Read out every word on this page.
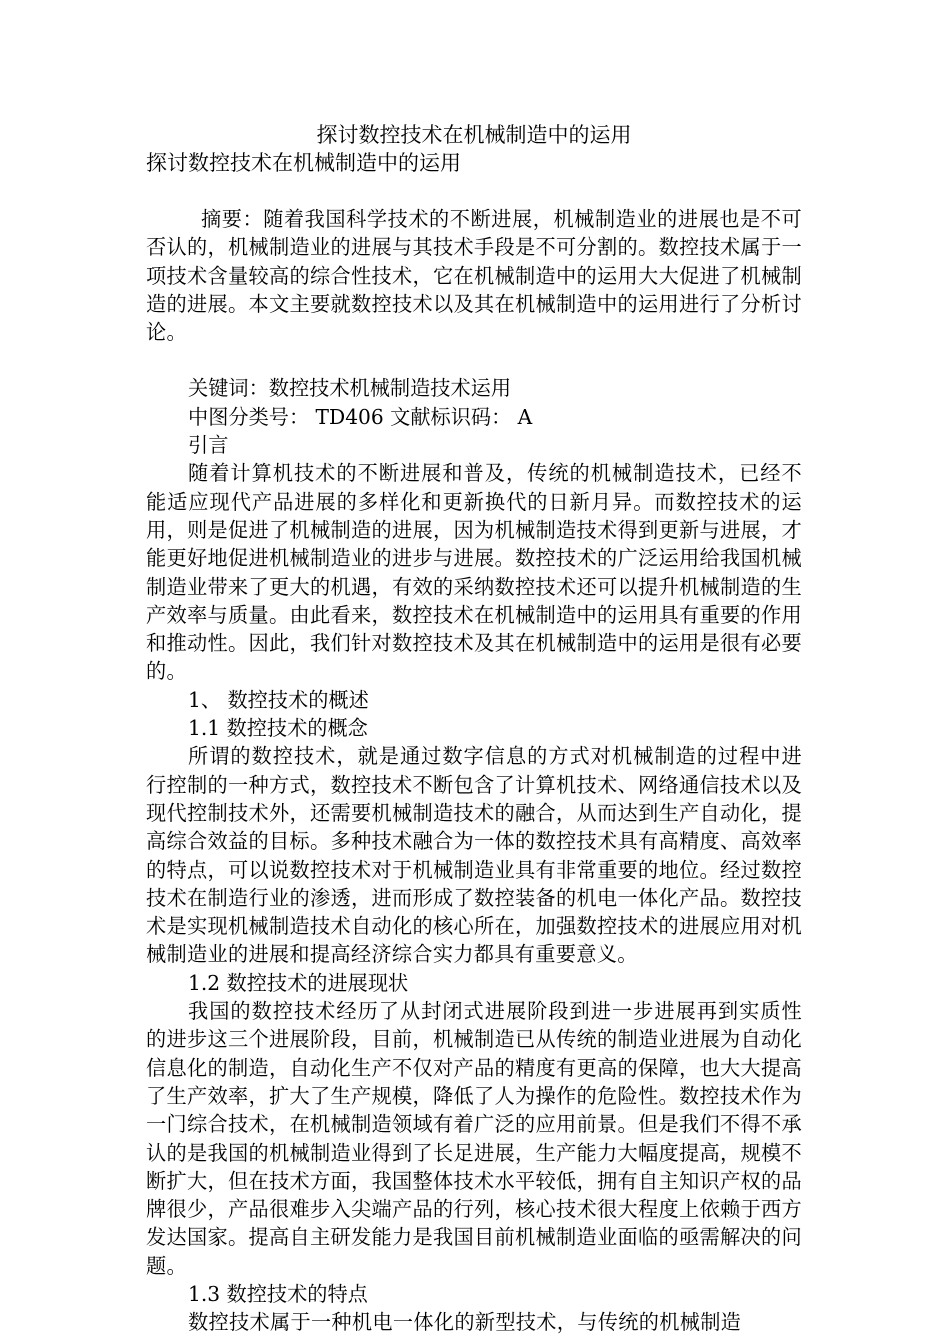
探讨数控技术在机械制造中的运用
探讨数控技术在机械制造中的运用

摘要：随着我国科学技术的不断进展，机械制造业的进展也是不可否认的，机械制造业的进展与其技术手段是不可分割的。数控技术属于一项技术含量较高的综合性技术，它在机械制造中的运用大大促进了机械制造的进展。本文主要就数控技术以及其在机械制造中的运用进行了分析讨论。

关键词：数控技术机械制造技术运用

中图分类号： TD406 文献标识码： A

引言

随着计算机技术的不断进展和普及，传统的机械制造技术，已经不能适应现代产品进展的多样化和更新换代的日新月异。而数控技术的运用，则是促进了机械制造的进展，因为机械制造技术得到更新与进展，才能更好地促进机械制造业的进步与进展。数控技术的广泛运用给我国机械制造业带来了更大的机遇，有效的采纳数控技术还可以提升机械制造的生产效率与质量。由此看来，数控技术在机械制造中的运用具有重要的作用和推动性。因此，我们针对数控技术及其在机械制造中的运用是很有必要的。

1、 数控技术的概述

1.1 数控技术的概念

所谓的数控技术，就是通过数字信息的方式对机械制造的过程中进行控制的一种方式，数控技术不断包含了计算机技术、网络通信技术以及现代控制技术外，还需要机械制造技术的融合，从而达到生产自动化，提高综合效益的目标。多种技术融合为一体的数控技术具有高精度、高效率的特点，可以说数控技术对于机械制造业具有非常重要的地位。经过数控技术在制造行业的渗透，进而形成了数控装备的机电一体化产品。数控技术是实现机械制造技术自动化的核心所在，加强数控技术的进展应用对机械制造业的进展和提高经济综合实力都具有重要意义。

1.2 数控技术的进展现状

我国的数控技术经历了从封闭式进展阶段到进一步进展再到实质性的进步这三个进展阶段，目前，机械制造已从传统的制造业进展为自动化信息化的制造，自动化生产不仅对产品的精度有更高的保障，也大大提高了生产效率，扩大了生产规模，降低了人为操作的危险性。数控技术作为一门综合技术，在机械制造领域有着广泛的应用前景。但是我们不得不承认的是我国的机械制造业得到了长足进展，生产能力大幅度提高，规模不断扩大，但在技术方面，我国整体技术水平较低，拥有自主知识产权的品牌很少，产品很难步入尖端产品的行列，核心技术很大程度上依赖于西方发达国家。提高自主研发能力是我国目前机械制造业面临的亟需解决的问题。

1.3 数控技术的特点

数控技术属于一种机电一体化的新型技术，与传统的机械制造
